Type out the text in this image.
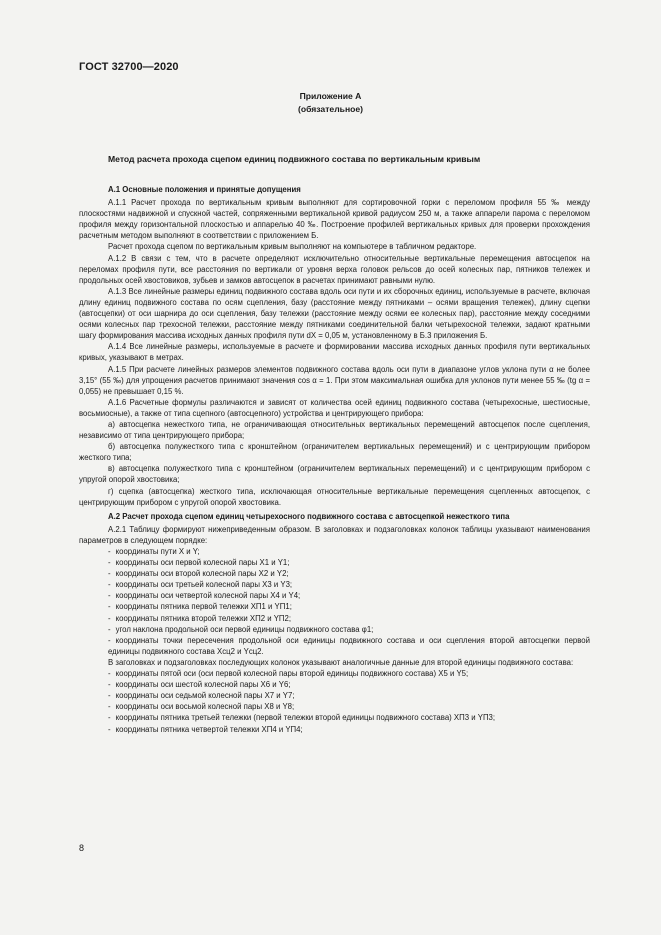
ГОСТ 32700—2020
Приложение А
(обязательное)
Метод расчета прохода сцепом единиц подвижного состава по вертикальным кривым

А.1 Основные положения и принятые допущения

А.1.1 Расчет прохода по вертикальным кривым выполняют для сортировочной горки с переломом профиля 55 ‰ между плоскостями надвижной и спускной частей, сопряженными вертикальной кривой радиусом 250 м, а также аппарели парома с переломом профиля между горизонтальной плоскостью и аппарелью 40 ‰. Построение профилей вертикальных кривых для проверки прохождения расчетным методом выполняют в соответствии с приложением Б.

Расчет прохода сцепом по вертикальным кривым выполняют на компьютере в табличном редакторе.

А.1.2 В связи с тем, что в расчете определяют исключительно относительные вертикальные перемещения автосцепок на переломах профиля пути, все расстояния по вертикали от уровня верха головок рельсов до осей колесных пар, пятников тележек и продольных осей хвостовиков, зубьев и замков автосцепок в расчетах принимают равными нулю.

А.1.3 Все линейные размеры единиц подвижного состава вдоль оси пути и их сборочных единиц, используемые в расчете, включая длину единиц подвижного состава по осям сцепления, базу (расстояние между пятниками – осями вращения тележек), длину сцепки (автосцепки) от оси шарнира до оси сцепления, базу тележки (расстояние между осями ее колесных пар), расстояние между соседними осями колесных пар трехосной тележки, расстояние между пятниками соединительной балки четырехосной тележки, задают кратными шагу формирования массива исходных данных профиля пути dX = 0,05 м, установленному в Б.3 приложения Б.

А.1.4 Все линейные размеры, используемые в расчете и формировании массива исходных данных профиля пути вертикальных кривых, указывают в метрах.

А.1.5 При расчете линейных размеров элементов подвижного состава вдоль оси пути в диапазоне углов уклона пути α не более 3,15° (55 ‰) для упрощения расчетов принимают значения cos α = 1. При этом максимальная ошибка для уклонов пути менее 55 ‰ (tg α = 0,055) не превышает 0,15 %.

А.1.6 Расчетные формулы различаются и зависят от количества осей единиц подвижного состава (четырехосные, шестиосные, восьмиосные), а также от типа сцепного (автосцепного) устройства и центрирующего прибора:

а) автосцепка нежесткого типа, не ограничивающая относительных вертикальных перемещений автосцепок после сцепления, независимо от типа центрирующего прибора;

б) автосцепка полужесткого типа с кронштейном (ограничителем вертикальных перемещений) и с центрирующим прибором жесткого типа;

в) автосцепка полужесткого типа с кронштейном (ограничителем вертикальных перемещений) и с центрирующим прибором с упругой опорой хвостовика;

г) сцепка (автосцепка) жесткого типа, исключающая относительные вертикальные перемещения сцепленных автосцепок, с центрирующим прибором с упругой опорой хвостовика.

А.2 Расчет прохода сцепом единиц четырехосного подвижного состава с автосцепкой нежесткого типа

А.2.1 Таблицу формируют нижеприведенным образом. В заголовках и подзаголовках колонок таблицы указывают наименования параметров в следующем порядке:

- координаты пути X и Y;

- координаты оси первой колесной пары X1 и Y1;

- координаты оси второй колесной пары X2 и Y2;

- координаты оси третьей колесной пары X3 и Y3;

- координаты оси четвертой колесной пары X4 и Y4;

- координаты пятника первой тележки XП1 и YП1;

- координаты пятника второй тележки XП2 и YП2;

- угол наклона продольной оси первой единицы подвижного состава φ1;

- координаты точки пересечения продольной оси единицы подвижного состава и оси сцепления второй автосцепки первой единицы подвижного состава Xсц2 и Yсц2.

В заголовках и подзаголовках последующих колонок указывают аналогичные данные для второй единицы подвижного состава:

- координаты пятой оси (оси первой колесной пары второй единицы подвижного состава) X5 и Y5;

- координаты оси шестой колесной пары X6 и Y6;

- координаты оси седьмой колесной пары X7 и Y7;

- координаты оси восьмой колесной пары X8 и Y8;

- координаты пятника третьей тележки (первой тележки второй единицы подвижного состава) XП3 и YП3;

- координаты пятника четвертой тележки XП4 и YП4;

8
